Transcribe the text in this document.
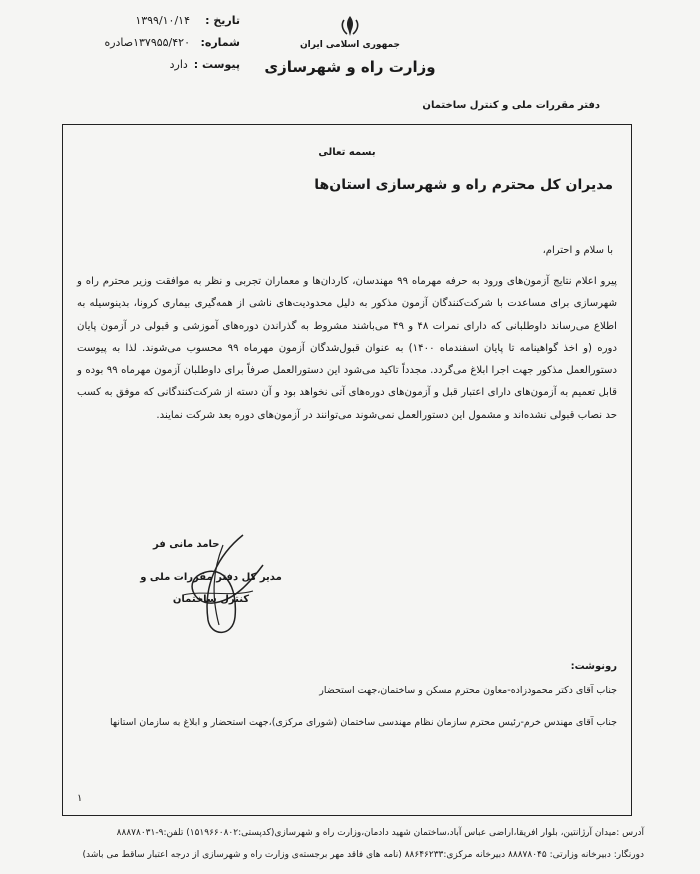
تاریخ :
۱۳۹۹/۱۰/۱۴
شماره:
۱۳۷۹۵۵/۴۲۰صادره
پیوست :
دارد
جمهوری اسلامی ایران
وزارت راه و شهرسازی
دفتر مقررات ملی و کنترل ساختمان
بسمه تعالی
مدیران کل محترم راه و شهرسازی استان‌ها
با سلام و احترام،
پیرو اعلام نتایج آزمون‌های ورود به حرفه مهرماه ۹۹ مهندسان، کاردان‌ها و معماران تجربی و نظر به موافقت وزیر محترم راه و شهرسازی برای مساعدت با شرکت‌کنندگان آزمون مذکور به دلیل محدودیت‌های ناشی از همه‌گیری بیماری کرونا، بدینوسیله به اطلاع می‌رساند داوطلبانی که دارای نمرات ۴۸ و ۴۹ می‌باشند مشروط به گذراندن دوره‌های آموزشی و قبولی در آزمون پایان دوره (و اخذ گواهینامه تا پایان اسفندماه ۱۴۰۰) به عنوان قبول‌شدگان آزمون مهرماه ۹۹ محسوب می‌شوند. لذا به پیوست دستورالعمل مذکور جهت اجرا ابلاغ می‌گردد. مجدداً تاکید می‌شود این دستورالعمل صرفاً برای داوطلبان آزمون مهرماه ۹۹ بوده و قابل تعمیم به آزمون‌های دارای اعتبار قبل و آزمون‌های دوره‌های آتی نخواهد بود و آن دسته از شرکت‌کنندگانی که موفق به کسب حد نصاب قبولی نشده‌اند و مشمول این دستورالعمل نمی‌شوند می‌توانند در آزمون‌های دوره بعد شرکت نمایند.
حامد مانی فر
مدیر کل دفتر مقررات ملی و کنترل ساختمان
رونوشت:
جناب آقای دکتر محمودزاده-معاون محترم مسکن و ساختمان،جهت استحضار
جناب آقای مهندس خرم-رئیس محترم سازمان نظام مهندسی ساختمان (شورای مرکزی)،جهت استحضار و ابلاغ به سازمان استانها
۱
آدرس :میدان آرژانتین، بلوار افریقا،اراضی عباس آباد،ساختمان شهید دادمان،وزارت راه و شهرسازی(کدپستی:۱۵۱۹۶۶۰۸۰۲) تلفن:۹-۸۸۸۷۸۰۳۱
دورنگار: دبیرخانه وزارتی: ۸۸۸۷۸۰۴۵ دبیرخانه مرکزی:۸۸۶۴۶۲۳۳ (نامه های فاقد مهر برجسته‌ی وزارت راه و شهرسازی از درجه اعتبار ساقط می باشد)
